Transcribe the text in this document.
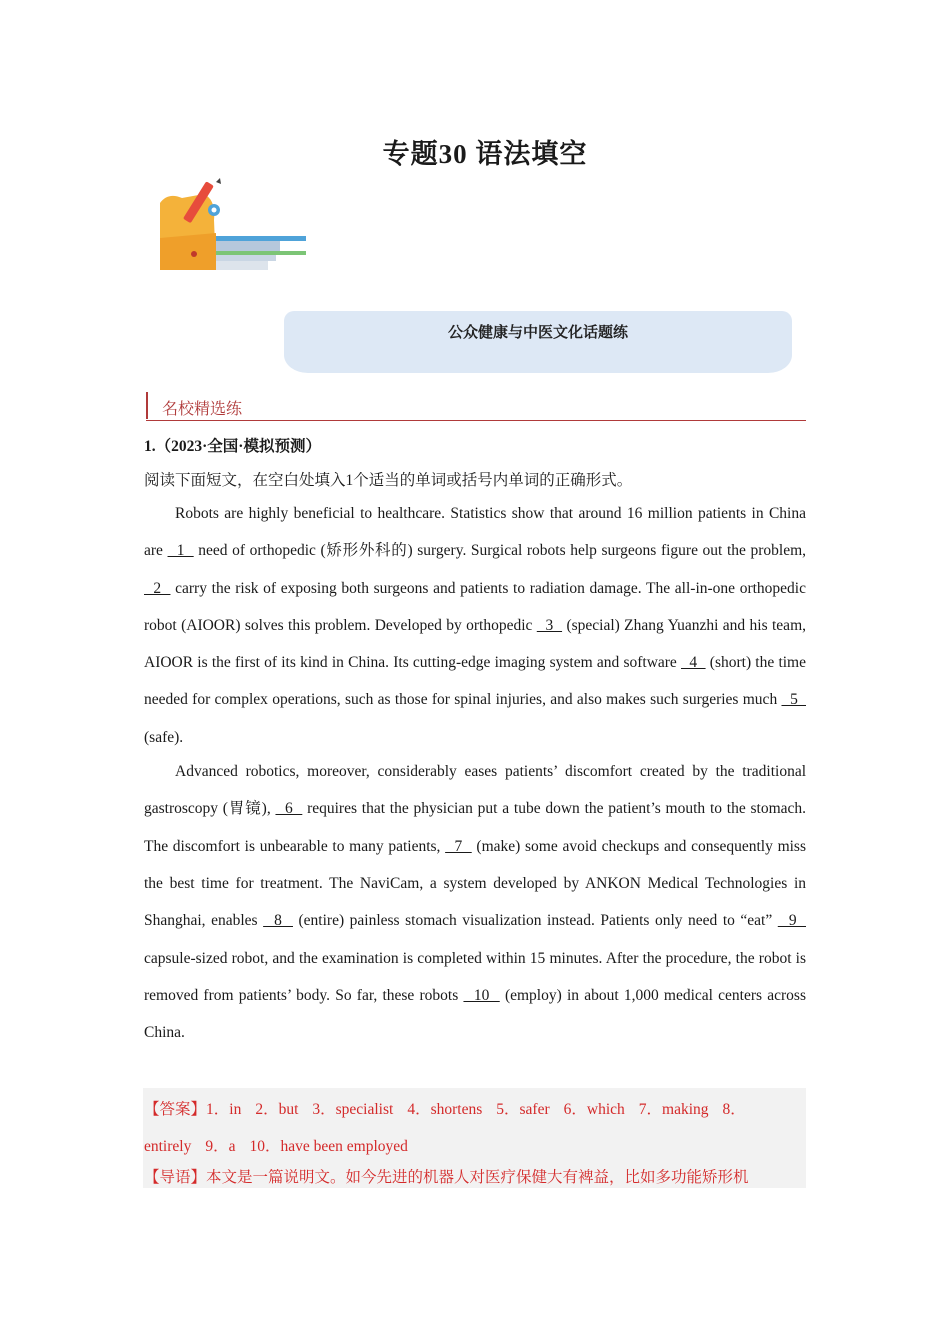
专题30 语法填空
公众健康与中医文化话题练
名校精选练
1.（2023·全国·模拟预测）
阅读下面短文，在空白处填入1个适当的单词或括号内单词的正确形式。

Robots are highly beneficial to healthcare. Statistics show that around 16 million patients in China are   1   need of orthopedic (矫形外科的) surgery. Surgical robots help surgeons figure out the problem,   2   carry the risk of exposing both surgeons and patients to radiation damage. The all-in-one orthopedic robot (AIOOR) solves this problem. Developed by orthopedic   3   (special) Zhang Yuanzhi and his team, AIOOR is the first of its kind in China. Its cutting-edge imaging system and software   4   (short) the time needed for complex operations, such as those for spinal injuries, and also makes such surgeries much   5   (safe).

Advanced robotics, moreover, considerably eases patients’ discomfort created by the traditional gastroscopy (胃镜),   6   requires that the physician put a tube down the patient’s mouth to the stomach. The discomfort is unbearable to many patients,   7   (make) some avoid checkups and consequently miss the best time for treatment. The NaviCam, a system developed by ANKON Medical Technologies in Shanghai, enables   8   (entire) painless stomach visualization instead. Patients only need to “eat”   9   capsule-sized robot, and the examination is completed within 15 minutes. After the procedure, the robot is removed from patients’ body. So far, these robots   10   (employ) in about 1,000 medical centers across China.

【答案】1．in 2．but 3．specialist 4．shortens 5．safer 6．which 7．making 8．entirely 9．a 10．have been employed
【导语】本文是一篇说明文。如今先进的机器人对医疗保健大有裨益，比如多功能矫形机
